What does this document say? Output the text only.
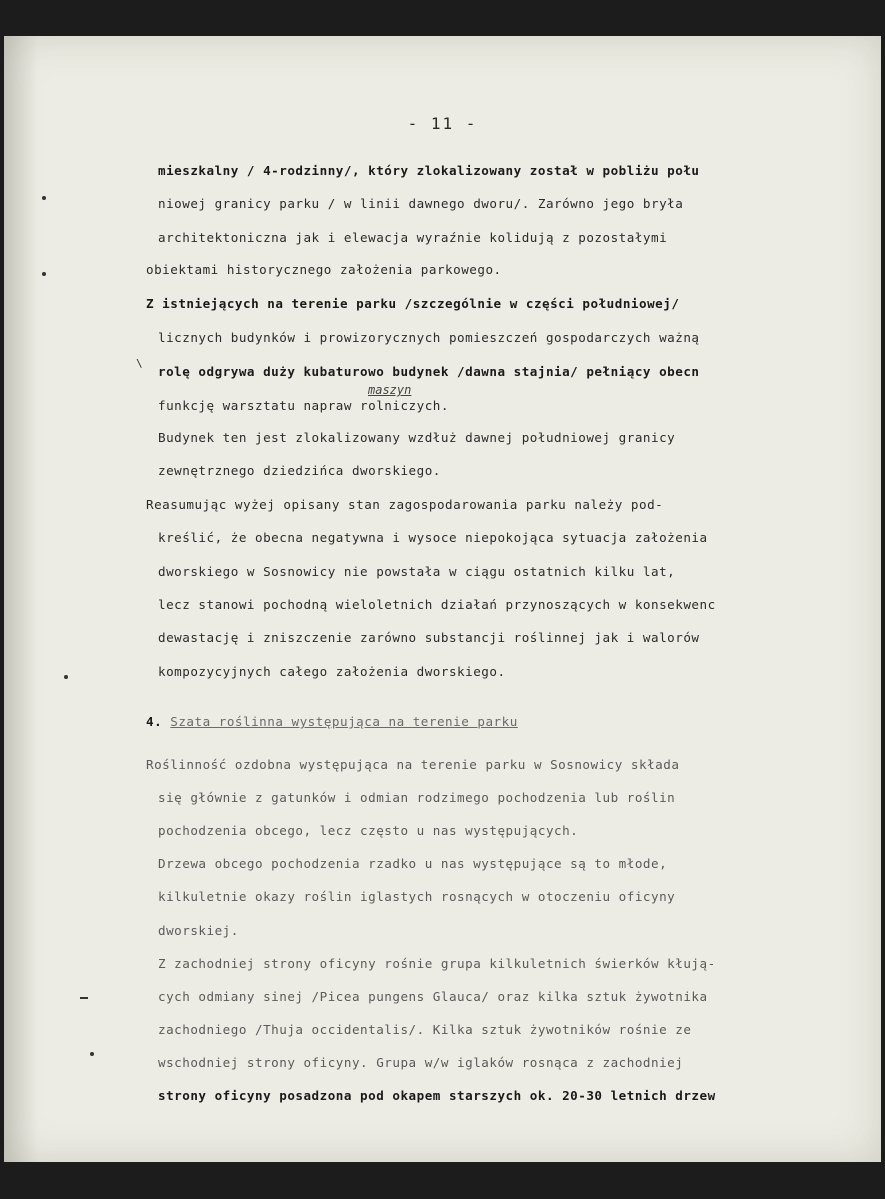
- 11 -
mieszkalny / 4-rodzinny/, który zlokalizowany został w pobliżu połu
niowej granicy parku / w linii dawnego dworu/. Zarówno jego bryła
architektoniczna jak i elewacja wyraźnie kolidują z pozostałymi
obiektami historycznego założenia parkowego.
Z istniejących na terenie parku /szczególnie w części południowej/
licznych budynków i prowizorycznych pomieszczeń gospodarczych ważną
rolę odgrywa duży kubaturowo budynek /dawna stajnia/ pełniący obecn
maszyn
funkcję warsztatu napraw rolniczych.
Budynek ten jest zlokalizowany wzdłuż dawnej południowej granicy
zewnętrznego dziedzińca dworskiego.
Reasumując wyżej opisany stan zagospodarowania parku należy pod-
kreślić, że obecna negatywna i wysoce niepokojąca sytuacja założenia
dworskiego w Sosnowicy nie powstała w ciągu ostatnich kilku lat,
lecz stanowi pochodną wieloletnich działań przynoszących w konsekwenc
dewastację i zniszczenie zarówno substancji roślinnej jak i walorów
kompozycyjnych całego założenia dworskiego.
4. Szata roślinna występująca na terenie parku
Roślinność ozdobna występująca na terenie parku w Sosnowicy składa
się głównie z gatunków i odmian rodzimego pochodzenia lub roślin
pochodzenia obcego, lecz często u nas występujących.
Drzewa obcego pochodzenia rzadko u nas występujące są to młode,
kilkuletnie okazy roślin iglastych rosnących w otoczeniu oficyny
dworskiej.
Z zachodniej strony oficyny rośnie grupa kilkuletnich świerków kłują-
cych odmiany sinej /Picea pungens Glauca/ oraz kilka sztuk żywotnika
zachodniego /Thuja occidentalis/. Kilka sztuk żywotników rośnie ze
wschodniej strony oficyny. Grupa w/w iglaków rosnąca z zachodniej
strony oficyny posadzona pod okapem starszych ok. 20-30 letnich drzew
\
